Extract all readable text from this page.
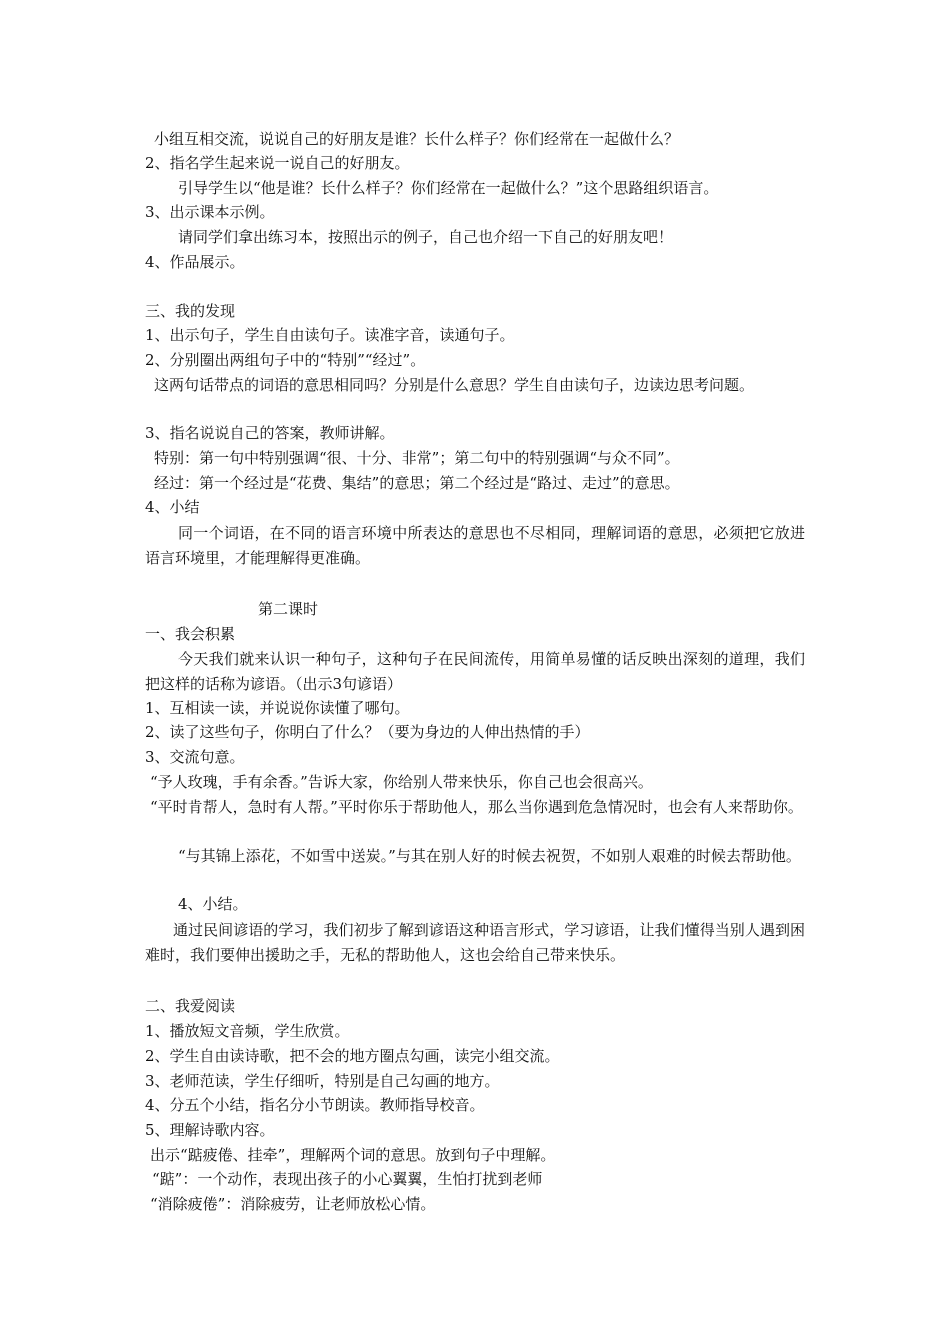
小组互相交流，说说自己的好朋友是谁？长什么样子？你们经常在一起做什么？
2、指名学生起来说一说自己的好朋友。
引导学生以“他是谁？长什么样子？你们经常在一起做什么？”这个思路组织语言。
3、出示课本示例。
请同学们拿出练习本，按照出示的例子，自己也介绍一下自己的好朋友吧！
4、作品展示。
三、我的发现
1、出示句子，学生自由读句子。读准字音，读通句子。
2、分别圈出两组句子中的“特别”“经过”。
这两句话带点的词语的意思相同吗？分别是什么意思？学生自由读句子，边读边思考问题。
3、指名说说自己的答案，教师讲解。
特别：第一句中特别强调“很、十分、非常”；第二句中的特别强调“与众不同”。
经过：第一个经过是“花费、集结”的意思；第二个经过是“路过、走过”的意思。
4、小结
同一个词语，在不同的语言环境中所表达的意思也不尽相同，理解词语的意思，必须把它放进语言环境里，才能理解得更准确。
第二课时
一、我会积累
今天我们就来认识一种句子，这种句子在民间流传，用简单易懂的话反映出深刻的道理，我们把这样的话称为谚语。（出示3句谚语）
1、互相读一读，并说说你读懂了哪句。
2、读了这些句子，你明白了什么？（要为身边的人伸出热情的手）
3、交流句意。
“予人玫瑰，手有余香。”告诉大家，你给别人带来快乐，你自己也会很高兴。
“平时肯帮人，急时有人帮。”平时你乐于帮助他人，那么当你遇到危急情况时，也会有人来帮助你。
“与其锦上添花，不如雪中送炭。”与其在别人好的时候去祝贺，不如别人艰难的时候去帮助他。
4、小结。
通过民间谚语的学习，我们初步了解到谚语这种语言形式，学习谚语，让我们懂得当别人遇到困难时，我们要伸出援助之手，无私的帮助他人，这也会给自己带来快乐。
二、我爱阅读
1、播放短文音频，学生欣赏。
2、学生自由读诗歌，把不会的地方圈点勾画，读完小组交流。
3、老师范读，学生仔细听，特别是自己勾画的地方。
4、分五个小结，指名分小节朗读。教师指导校音。
5、理解诗歌内容。
出示“踮疲倦、挂牵”，理解两个词的意思。放到句子中理解。
“踮”：一个动作，表现出孩子的小心翼翼，生怕打扰到老师
“消除疲倦”：消除疲劳，让老师放松心情。
